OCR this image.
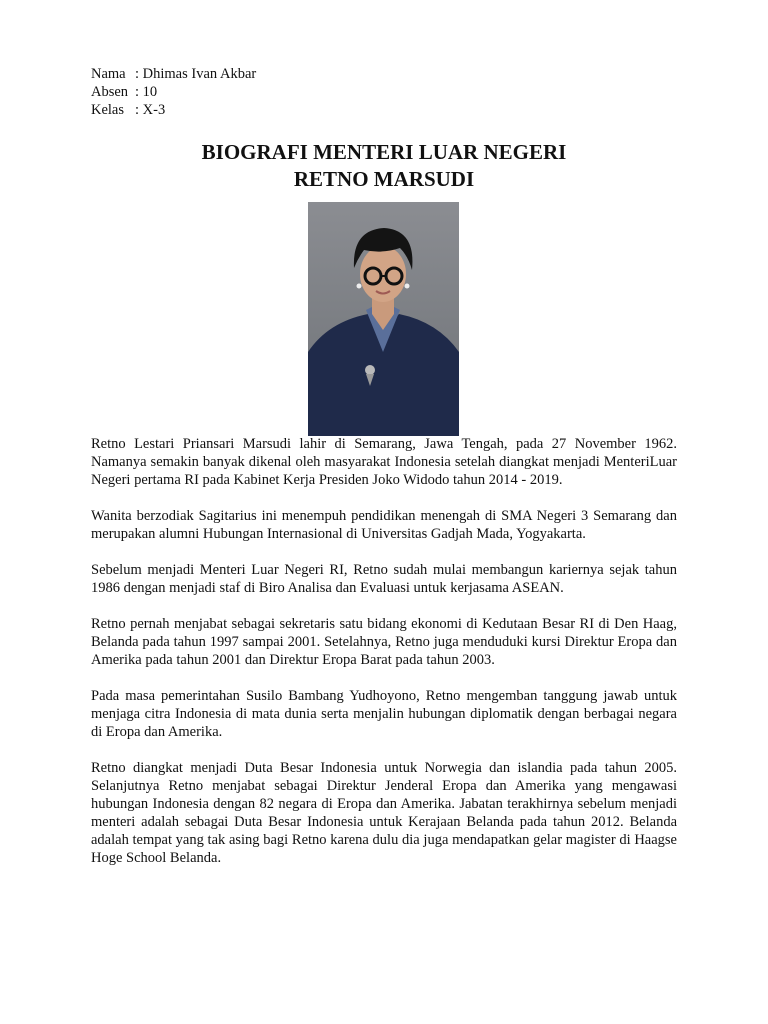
Nama : Dhimas Ivan Akbar
Absen : 10
Kelas : X-3
BIOGRAFI MENTERI LUAR NEGERI
RETNO MARSUDI

Retno Lestari Priansari Marsudi lahir di Semarang, Jawa Tengah, pada 27 November 1962. Namanya semakin banyak dikenal oleh masyarakat Indonesia setelah diangkat menjadi MenteriLuar Negeri pertama RI pada Kabinet Kerja Presiden Joko Widodo tahun 2014 - 2019.

Wanita berzodiak Sagitarius ini menempuh pendidikan menengah di SMA Negeri 3 Semarang dan merupakan alumni Hubungan Internasional di Universitas Gadjah Mada, Yogyakarta.

Sebelum menjadi Menteri Luar Negeri RI, Retno sudah mulai membangun kariernya sejak tahun 1986 dengan menjadi staf di Biro Analisa dan Evaluasi untuk kerjasama ASEAN.

Retno pernah menjabat sebagai sekretaris satu bidang ekonomi di Kedutaan Besar RI di Den Haag, Belanda pada tahun 1997 sampai 2001. Setelahnya, Retno juga menduduki kursi Direktur Eropa dan Amerika pada tahun 2001 dan Direktur Eropa Barat pada tahun 2003.

Pada masa pemerintahan Susilo Bambang Yudhoyono, Retno mengemban tanggung jawab untuk menjaga citra Indonesia di mata dunia serta menjalin hubungan diplomatik dengan berbagai negara di Eropa dan Amerika.

Retno diangkat menjadi Duta Besar Indonesia untuk Norwegia dan islandia pada tahun 2005. Selanjutnya Retno menjabat sebagai Direktur Jenderal Eropa dan Amerika yang mengawasi hubungan Indonesia dengan 82 negara di Eropa dan Amerika. Jabatan terakhirnya sebelum menjadi menteri adalah sebagai Duta Besar Indonesia untuk Kerajaan Belanda pada tahun 2012. Belanda adalah tempat yang tak asing bagi Retno karena dulu dia juga mendapatkan gelar magister di Haagse Hoge School Belanda.
